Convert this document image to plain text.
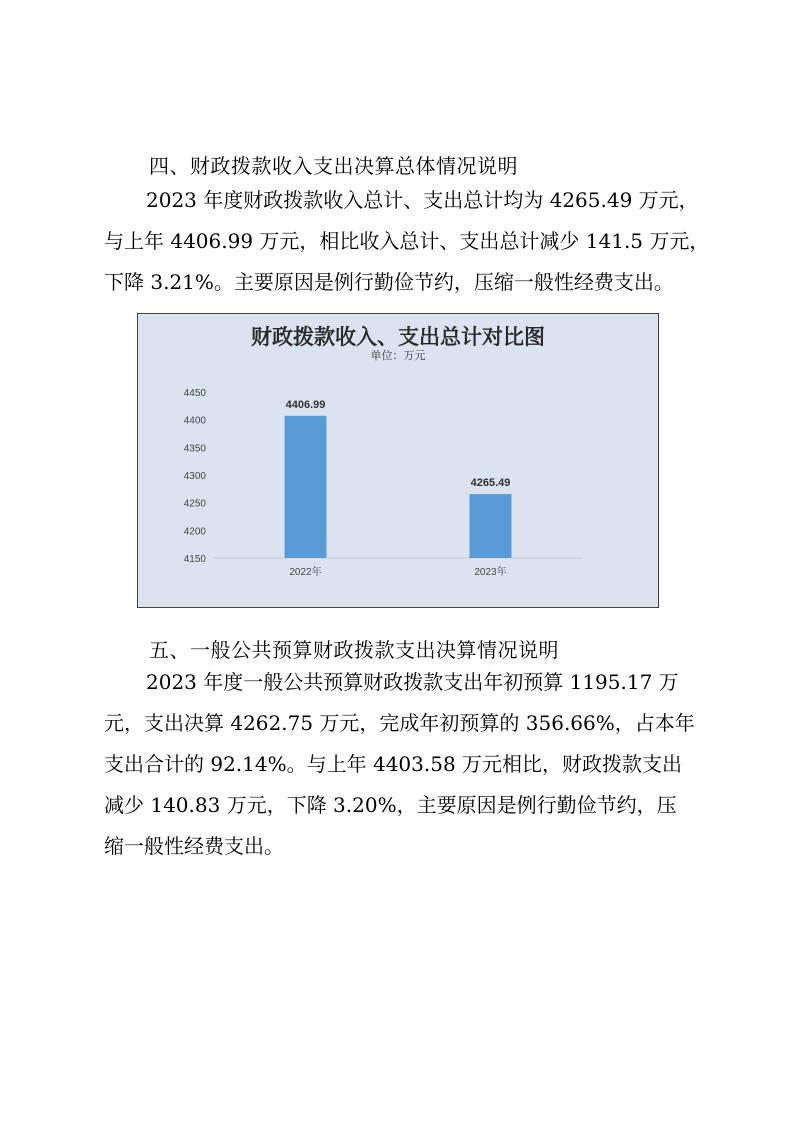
四、财政拨款收入支出决算总体情况说明

2023 年度财政拨款收入总计、支出总计均为 4265.49 万元，
与上年 4406.99 万元，相比收入总计、支出总计减少 141.5 万元，
下降 3.21%。主要原因是例行勤俭节约，压缩一般性经费支出。

财政拨款收入、支出总计对比图
单位：万元
4150
4200
4250
4300
4350
4400
4450
4406.99
4265.49
2022年	2023年
五、一般公共预算财政拨款支出决算情况说明

2023 年度一般公共预算财政拨款支出年初预算 1195.17 万
元，支出决算 4262.75 万元，完成年初预算的 356.66%，占本年
支出合计的 92.14%。与上年 4403.58 万元相比，财政拨款支出
减少 140.83 万元，下降 3.20%，主要原因是例行勤俭节约，压
缩一般性经费支出。
